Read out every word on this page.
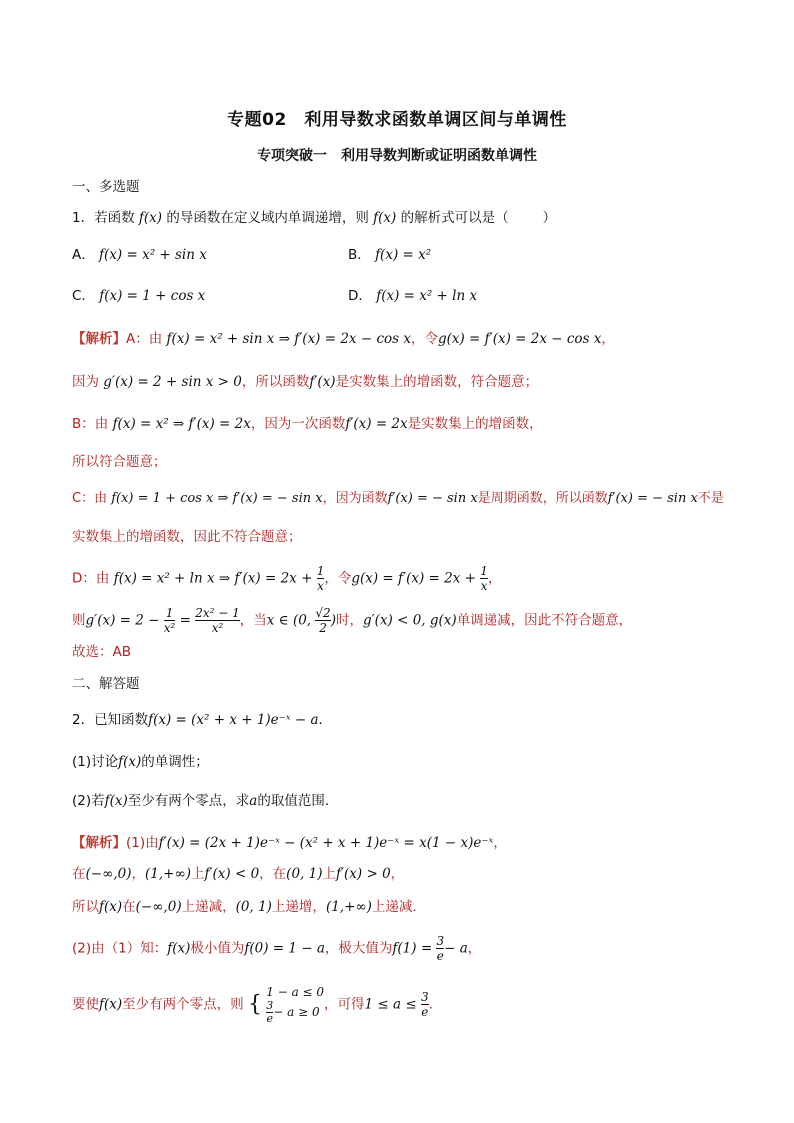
专题02　利用导数求函数单调区间与单调性
专项突破一　利用导数判断或证明函数单调性
一、多选题
1．若函数 f(x) 的导函数在定义域内单调递增，则 f(x) 的解析式可以是（	）
A． f(x) = x² + sin x	B． f(x) = x²
C． f(x) = 1 + cos x	D． f(x) = x² + ln x
【解析】A：由 f(x) = x² + sin x ⇒ f′(x) = 2x − cos x，令g(x) = f′(x) = 2x − cos x，
因为 g′(x) = 2 + sin x > 0，所以函数f′(x)是实数集上的增函数，符合题意；
B：由 f(x) = x² ⇒ f′(x) = 2x，因为一次函数f′(x) = 2x是实数集上的增函数，
所以符合题意；
C：由 f(x) = 1 + cos x ⇒ f′(x) = − sin x，因为函数f′(x) = − sin x是周期函数，所以函数f′(x) = − sin x不是
实数集上的增函数，因此不符合题意；
D：由 f(x) = x² + ln x ⇒ $f'(x) = 2x + \frac{1}{x}$ ，令$g(x) = f'(x) = 2x + \frac{1}{x}$ ，
则$g'(x) = 2 - \frac{1}{\text{x²}} = \frac{\text{2x² − 1}}{\text{x²}}$ ，当x ∈ (0, $\frac{√2}{2}$ )时，g′(x) < 0, g(x)单调递减，因此不符合题意，
故选：AB
二、解答题
2．已知函数f(x) = (x² + x + 1)e⁻ˣ − a．
(1)讨论f(x)的单调性；
(2)若f(x)至少有两个零点，求a的取值范围．
【解析】(1)由f′(x) = (2x + 1)e⁻ˣ − (x² + x + 1)e⁻ˣ = x(1 − x)e⁻ˣ，
在(−∞,0)，(1,+∞)上f′(x) < 0，在(0, 1)上f′(x) > 0，
所以f(x)在(−∞,0)上递减，(0, 1)上递增，(1,+∞)上递减.
(2)由（1）知：f(x)极小值为f(0) = 1 − a，极大值为$f(1) = \frac{3}{e} - a$，
要使f(x)至少有两个零点，则 { 1 − a ≤ 0
$\frac{3}{e} - a \ge 0$ ，可得$1 \le a \le \frac{3}{e}$ .
